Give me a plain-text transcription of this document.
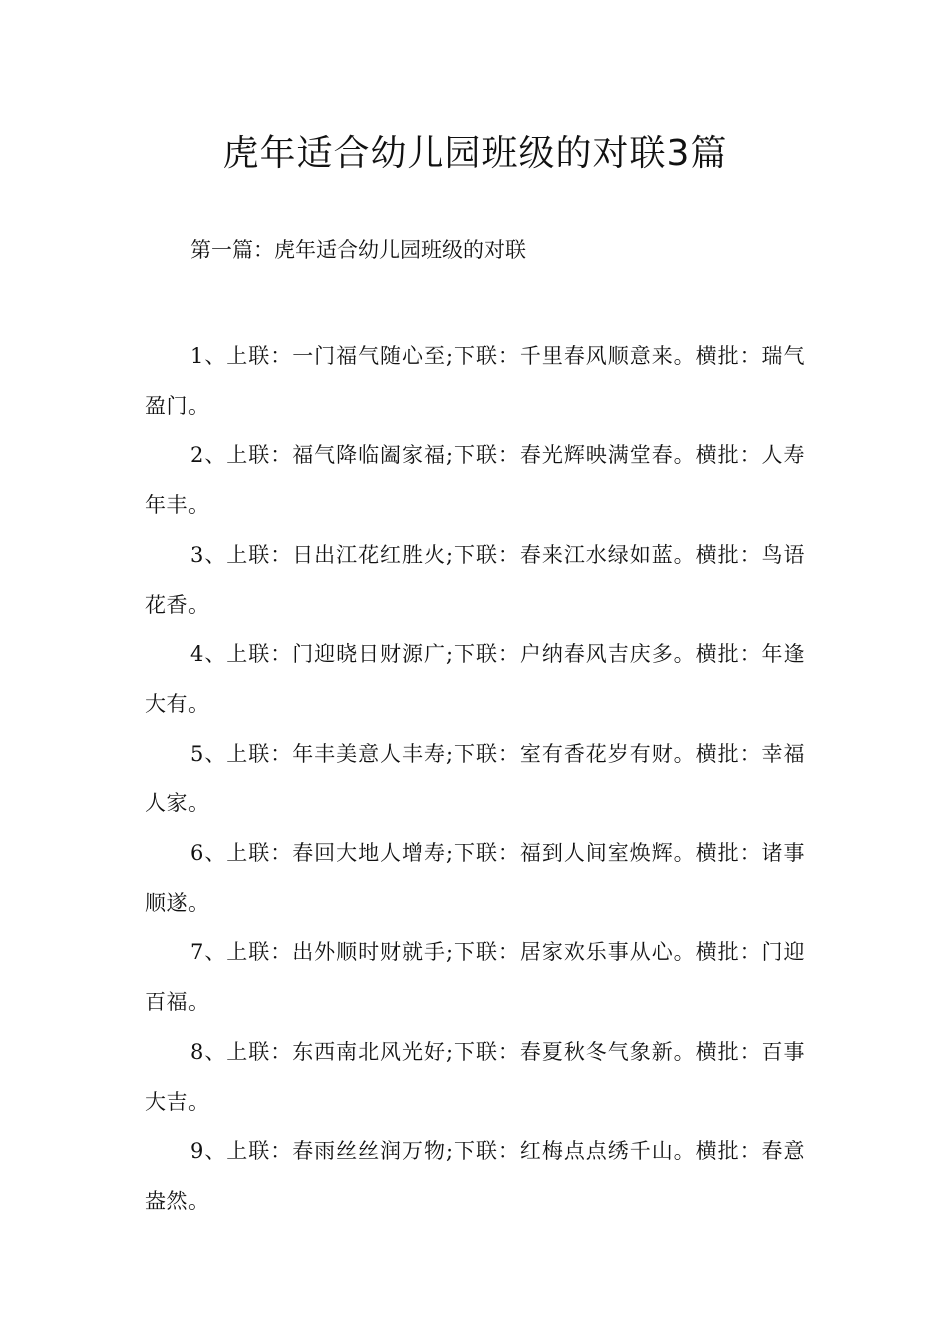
虎年适合幼儿园班级的对联3篇

第一篇：虎年适合幼儿园班级的对联

1、上联：一门福气随心至;下联：千里春风顺意来。横批：瑞气盈门。
2、上联：福气降临阖家福;下联：春光辉映满堂春。横批：人寿年丰。
3、上联：日出江花红胜火;下联：春来江水绿如蓝。横批：鸟语花香。
4、上联：门迎晓日财源广;下联：户纳春风吉庆多。横批：年逢大有。
5、上联：年丰美意人丰寿;下联：室有香花岁有财。横批：幸福人家。
6、上联：春回大地人增寿;下联：福到人间室焕辉。横批：诸事顺遂。
7、上联：出外顺时财就手;下联：居家欢乐事从心。横批：门迎百福。
8、上联：东西南北风光好;下联：春夏秋冬气象新。横批：百事大吉。
9、上联：春雨丝丝润万物;下联：红梅点点绣千山。横批：春意盎然。
